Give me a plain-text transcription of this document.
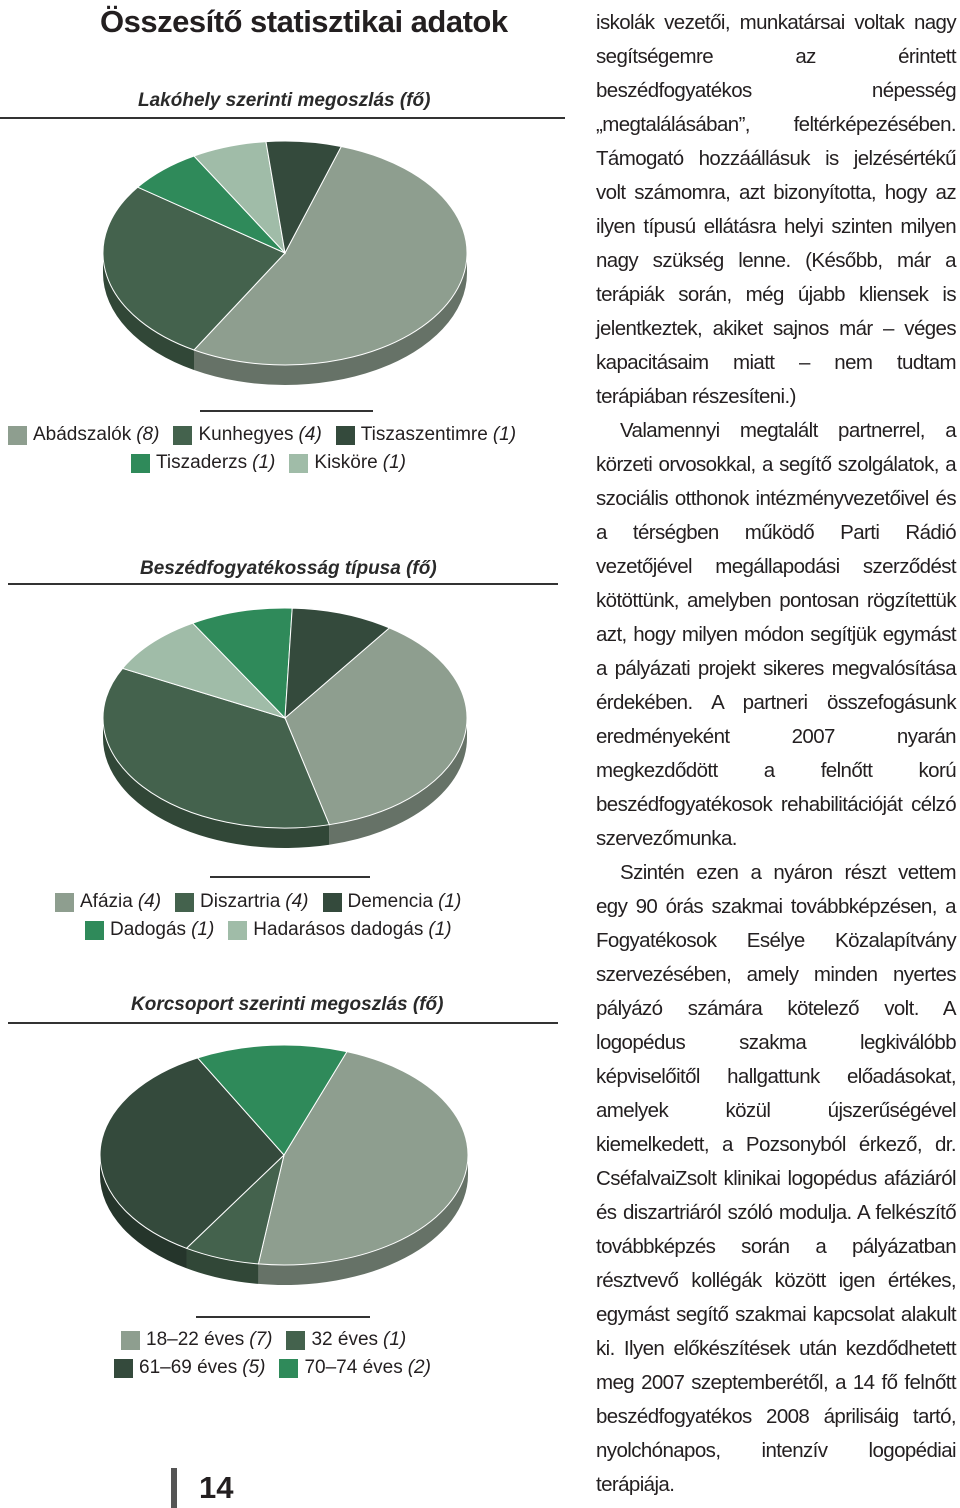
Összesítő statisztikai adatok
Lakóhely szerinti megoszlás (fő)
Abádszalók (8) Kunhegyes (4) Tiszaszentimre (1)
Tiszaderzs (1) Kisköre (1)
Beszédfogyatékosság típusa (fő)
Afázia (4) Diszartria (4) Demencia (1)
Dadogás (1) Hadarásos dadogás (1)
Korcsoport szerinti megoszlás (fő)
18–22 éves (7) 32 éves (1)
61–69 éves (5) 70–74 éves (2)

iskolák vezetői, munkatársai voltak nagy segítségemre az érintett beszédfogyatékos népesség „megtalálásában”, feltérképezésében. Támogató hozzáállásuk is jelzésértékű volt számomra, azt bizonyította, hogy az ilyen típusú ellátásra helyi szinten milyen nagy szükség lenne. (Később, már a terápiák során, még újabb kliensek is jelentkeztek, akiket sajnos már – véges kapacitásaim miatt – nem tudtam terápiában részesíteni.)

Valamennyi megtalált partnerrel, a körzeti orvosokkal, a segítő szolgálatok, a szociális otthonok intézményvezetőivel és a térségben működő Parti Rádió vezetőjével megállapodási szerződést kötöttünk, amelyben pontosan rögzítettük azt, hogy milyen módon segítjük egymást a pályázati projekt sikeres megvalósítása érdekében. A partneri összefogásunk eredményeként 2007 nyarán megkezdődött a felnőtt korú beszédfogyatékosok rehabilitációját célzó szervezőmunka.

Szintén ezen a nyáron részt vettem egy 90 órás szakmai továbbképzésen, a Fogyatékosok Esélye Közalapítvány szervezésében, amely minden nyertes pályázó számára kötelező volt. A logopédus szakma legkiválóbb képviselőitől hallgattunk előadásokat, amelyek közül újszerűségével kiemelkedett, a Pozsonyból érkező, dr. CséfalvaiZsolt klinikai logopédus afáziáról és diszartriáról szóló modulja. A felkészítő továbbképzés során a pályázatban résztvevő kollégák között igen értékes, egymást segítő szakmai kapcsolat alakult ki. Ilyen előkészítések után kezdődhetett meg 2007 szeptemberétől, a 14 fő felnőtt beszédfogyatékos 2008 áprilisáig tartó, nyolchónapos, intenzív logopédiai terápiája.

14
